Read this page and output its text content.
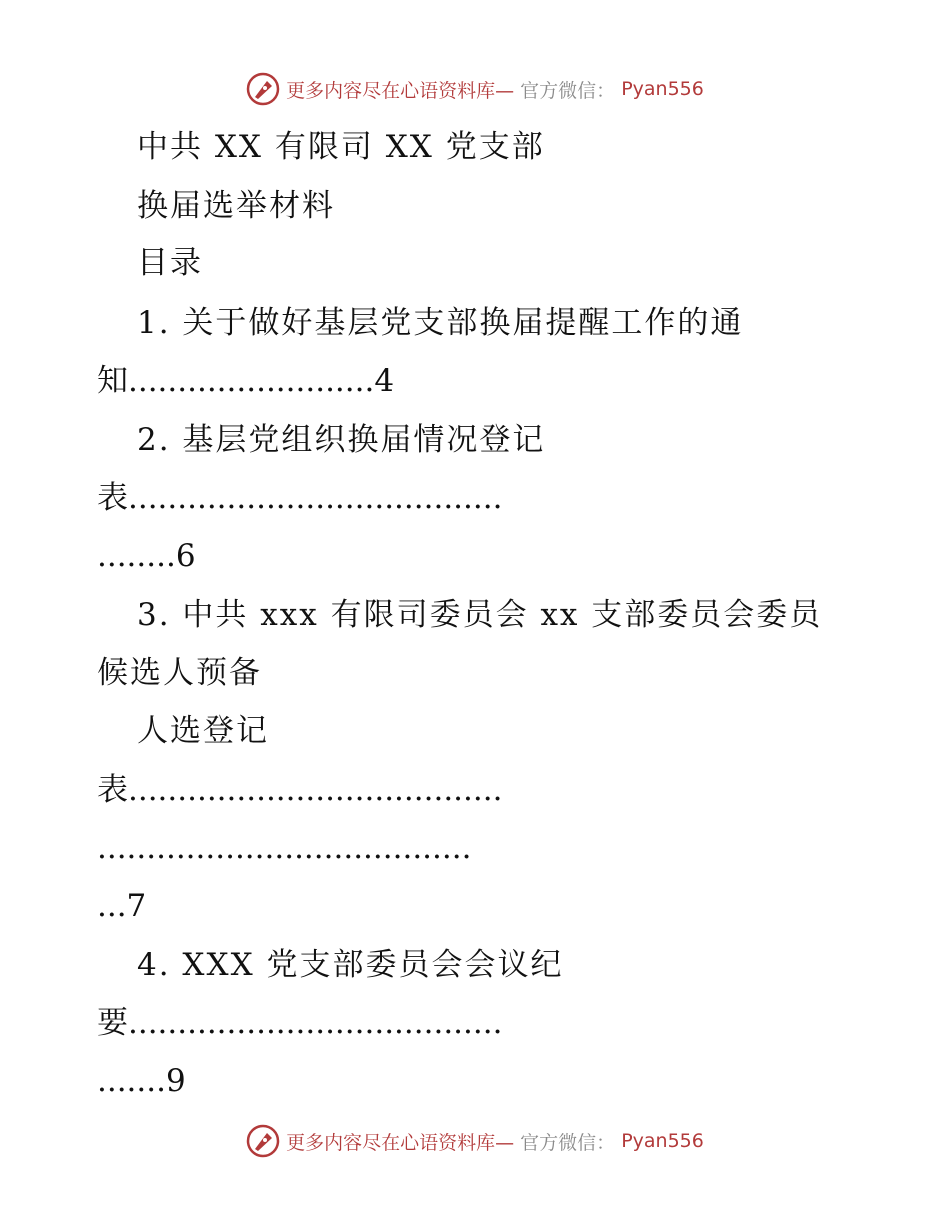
更多内容尽在心语资料库— 官方微信： Pyan556
中共 XX 有限司 XX 党支部
换届选举材料
目录
1. 关于做好基层党支部换届提醒工作的通
知.........................4
2. 基层党组织换届情况登记
表......................................
........6
3. 中共 xxx 有限司委员会 xx 支部委员会委员
候选人预备
人选登记
表......................................
......................................
...7
4. XXX 党支部委员会会议纪
要......................................
.......9
更多内容尽在心语资料库— 官方微信： Pyan556
